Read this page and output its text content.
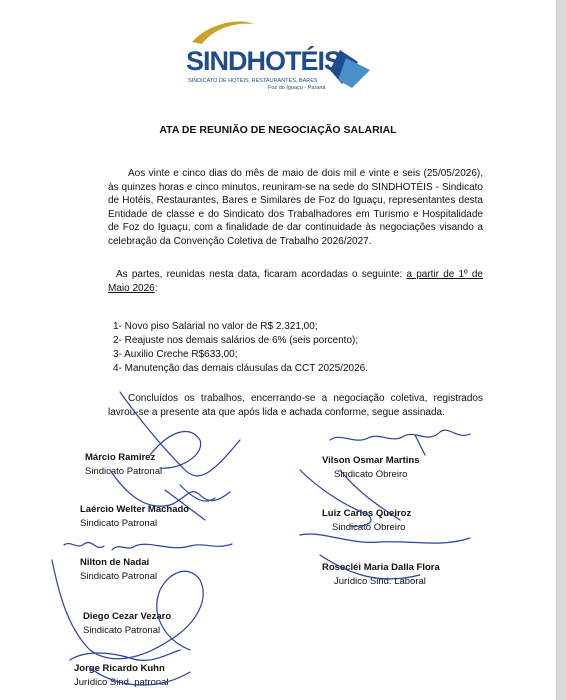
SINDHOTÉIS
SINDICATO DE HOTÉIS, RESTAURANTES, BARES
Foz do Iguaçu - Paraná
ATA DE REUNIÃO DE NEGOCIAÇÃO SALARIAL
Aos vinte e cinco dias do mês de maio de dois mil e vinte e seis (25/05/2026), às quinzes horas e cinco minutos, reuniram-se na sede do SINDHOTÉIS - Sindicato de Hotéis, Restaurantes, Bares e Similares de Foz do Iguaçu, representantes desta Entidade de classe e do Sindicato dos Trabalhadores em Turismo e Hospitalidade de Foz do Iguaçu, com a finalidade de dar continuidade às negociações visando a celebração da Convenção Coletiva de Trabalho 2026/2027.
As partes, reunidas nesta data, ficaram acordadas o seguinte: a partir de 1º de Maio 2026:
1- Novo piso Salarial no valor de R$ 2.321,00;
2- Reajuste nos demais salários de 6% (seis porcento);
3- Auxilio Creche R$633,00;
4- Manutenção das demais cláusulas da CCT 2025/2026.
Concluídos os trabalhos, encerrando-se a negociação coletiva, registrados lavrou-se a presente ata que após lida e achada conforme, segue assinada.
Márcio Ramirez
Sindicato Patronal
Laércio Welter Machado
Sindicato Patronal
Nilton de Nadai
Sindicato Patronal
Diego Cezar Vezaro
Sindicato Patronal
Jorge Ricardo Kuhn
Jurídico Sind. patronal
Vilson Osmar Martins
Sindicato Obreiro
Luiz Carlos Queiroz
Sindicato Obreiro
Rosecléi Maria Dalla Flora
Jurídico Sind. Laboral
